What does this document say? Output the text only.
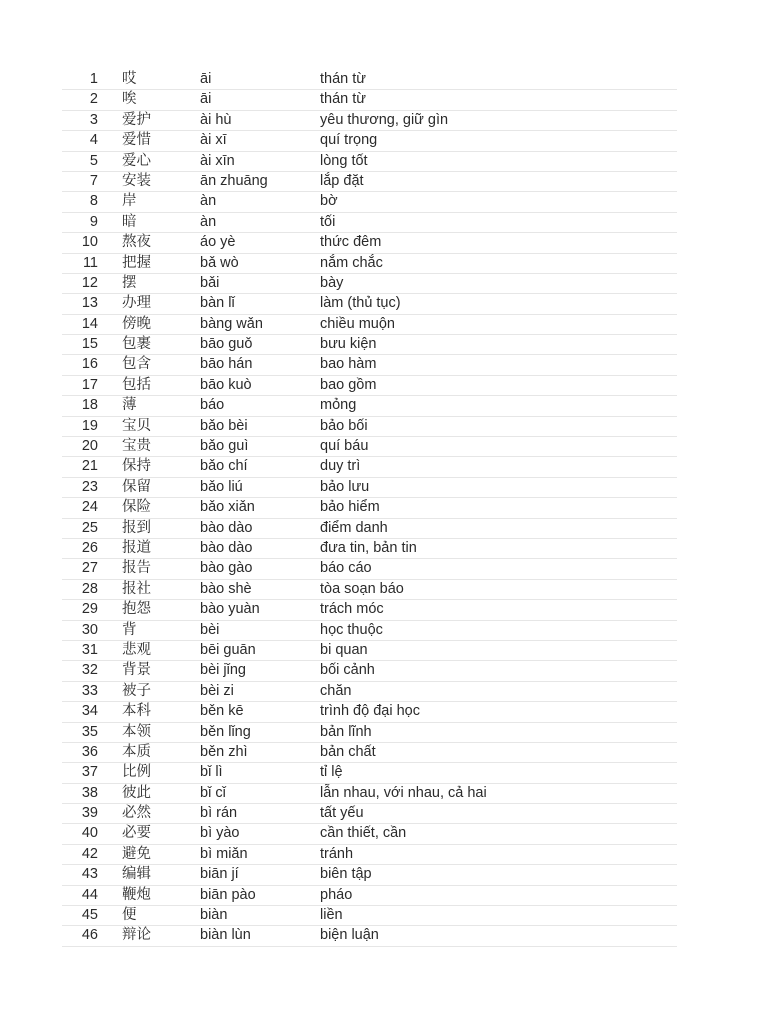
1 哎	āi	thán từ
2 唉	āi	thán từ
3 爱护	ài hù	yêu thương, giữ gìn
4 爱惜	ài xī	quí trọng
5 爱心	ài xīn	lòng tốt
7 安装	ān zhuāng	lắp đặt
8 岸	àn	bờ
9 暗	àn	tối
10 熬夜	áo yè	thức đêm
11 把握	bǎ wò	nắm chắc
12 摆	bǎi	bày
13 办理	bàn lǐ	làm (thủ tục)
14 傍晚	bàng wǎn	chiều muộn
15 包裹	bāo guǒ	bưu kiện
16 包含	bāo hán	bao hàm
17 包括	bāo kuò	bao gồm
18 薄	báo	mỏng
19 宝贝	bǎo bèi	bảo bối
20 宝贵	bǎo guì	quí báu
21 保持	bǎo chí	duy trì
23 保留	bǎo liú	bảo lưu
24 保险	bǎo xiǎn	bảo hiểm
25 报到	bào dào	điểm danh
26 报道	bào dào	đưa tin, bản tin
27 报告	bào gào	báo cáo
28 报社	bào shè	tòa soạn báo
29 抱怨	bào yuàn	trách móc
30 背	bèi	học thuộc
31 悲观	bēi guān	bi quan
32 背景	bèi jǐng	bối cảnh
33 被子	bèi zi	chăn
34 本科	běn kē	trình độ đại học
35 本领	běn lǐng	bản lĩnh
36 本质	běn zhì	bản chất
37 比例	bǐ lì	tỉ lệ
38 彼此	bǐ cǐ	lẫn nhau, với nhau, cả hai
39 必然	bì rán	tất yếu
40 必要	bì yào	cần thiết, cần
42 避免	bì miǎn	tránh
43 编辑	biān jí	biên tập
44 鞭炮	biān pào	pháo
45 便	biàn	liền
46 辩论	biàn lùn	biện luận
